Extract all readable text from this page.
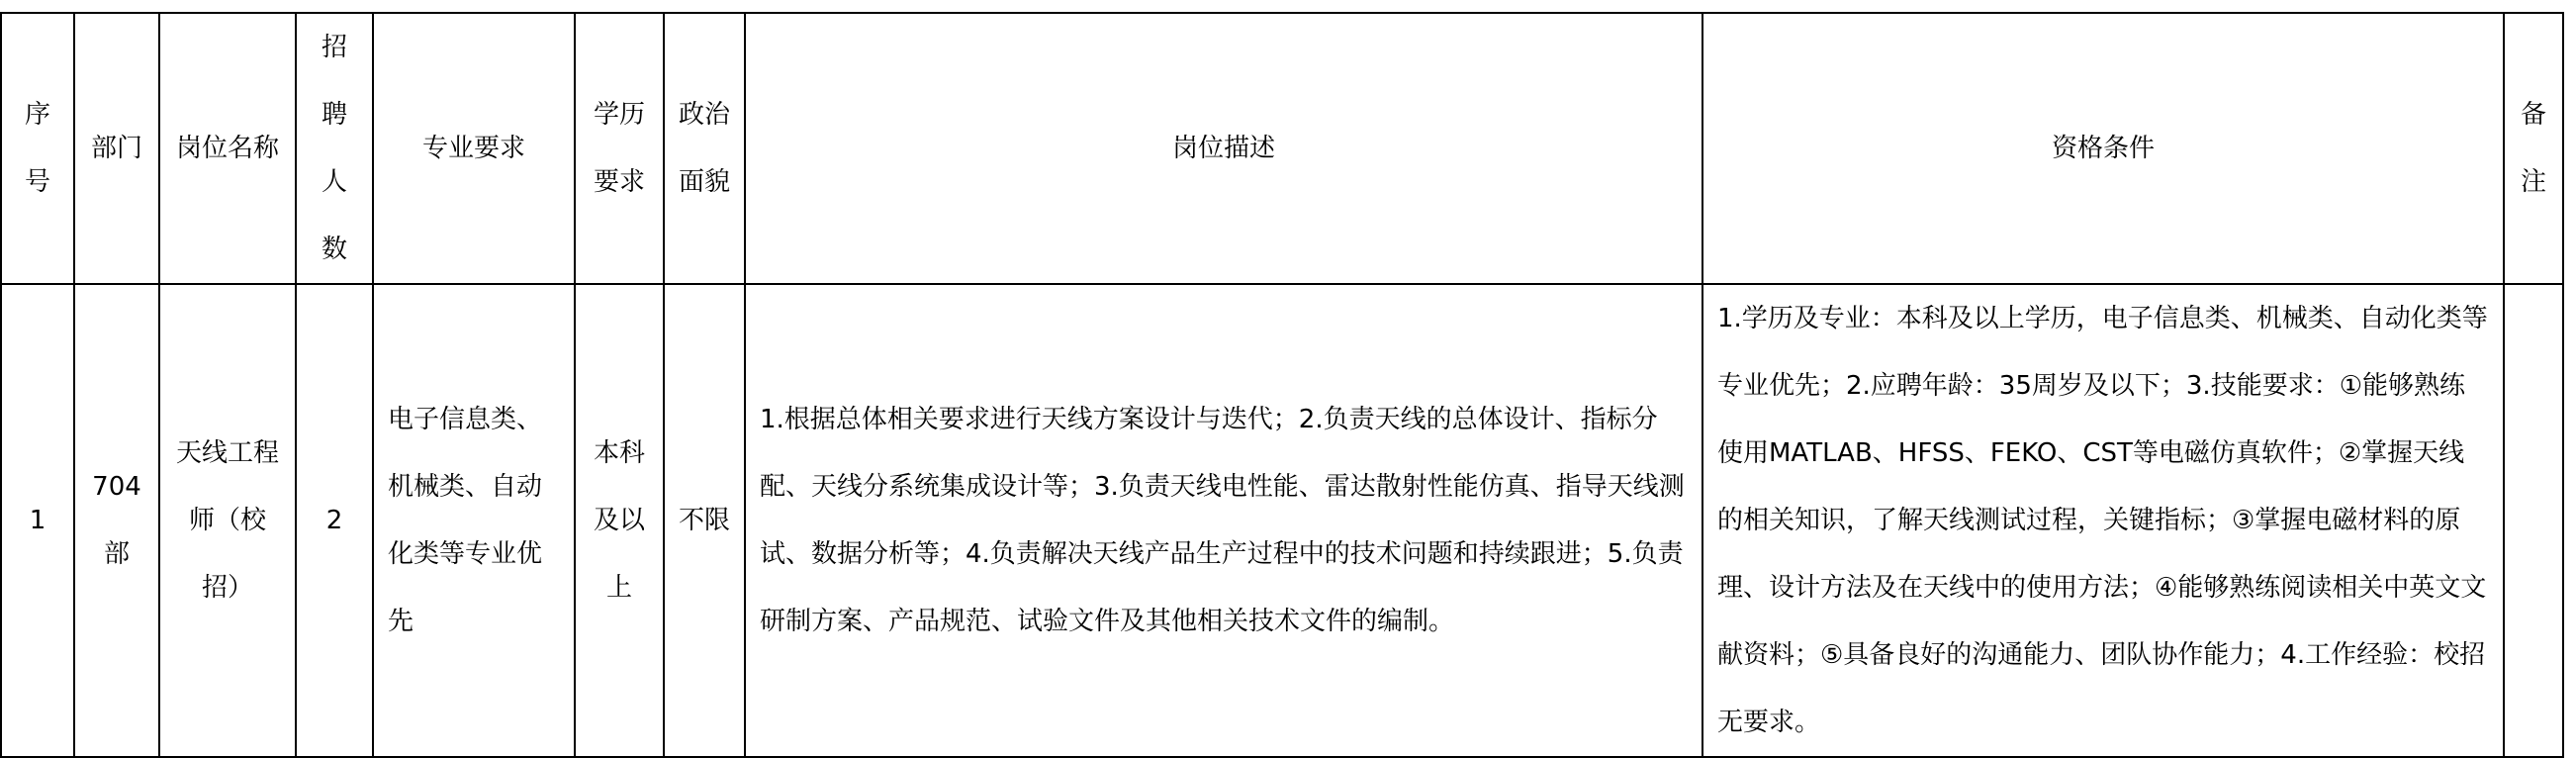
序号	部门	岗位名称	招聘人数	专业要求	学历要求	政治面貌	岗位描述	资格条件	备注
1	704部	天线工程师（校招）	2	电子信息类、机械类、自动化类等专业优先	本科及以上	不限	1.根据总体相关要求进行天线方案设计与迭代；2.负责天线的总体设计、指标分配、天线分系统集成设计等；3.负责天线电性能、雷达散射性能仿真、指导天线测试、数据分析等；4.负责解决天线产品生产过程中的技术问题和持续跟进；5.负责研制方案、产品规范、试验文件及其他相关技术文件的编制。	1.学历及专业：本科及以上学历，电子信息类、机械类、自动化类等专业优先；2.应聘年龄：35周岁及以下；3.技能要求：①能够熟练使用MATLAB、HFSS、FEKO、CST等电磁仿真软件；②掌握天线的相关知识，了解天线测试过程，关键指标；③掌握电磁材料的原理、设计方法及在天线中的使用方法；④能够熟练阅读相关中英文文献资料；⑤具备良好的沟通能力、团队协作能力；4.工作经验：校招无要求。	
